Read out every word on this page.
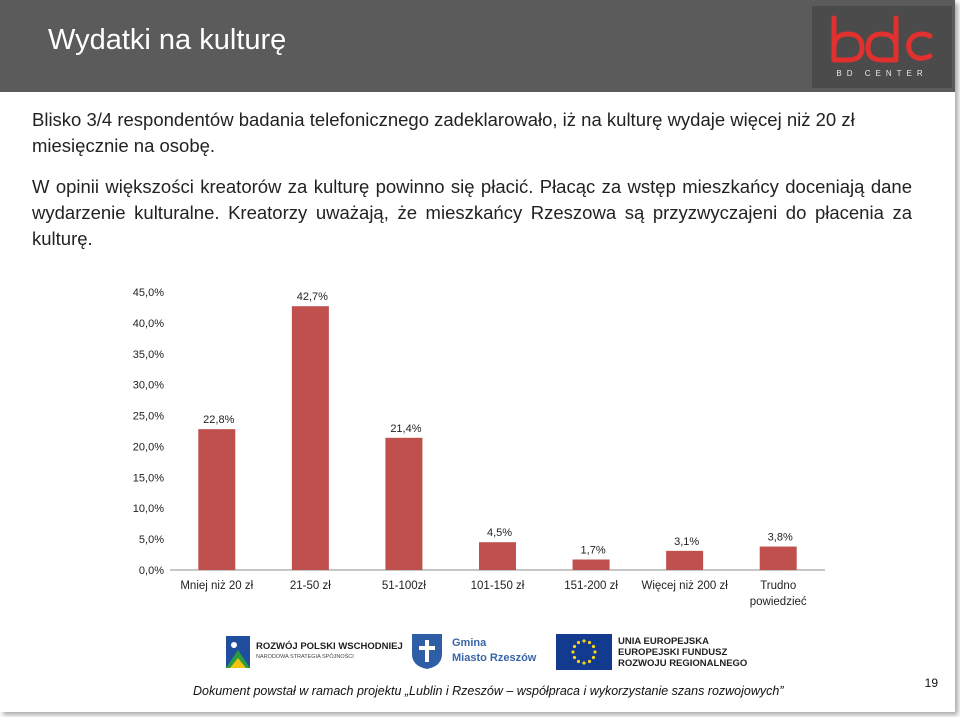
Wydatki na kulturę
BD CENTER
Blisko 3/4 respondentów badania telefonicznego zadeklarowało, iż na kulturę wydaje więcej niż 20 zł miesięcznie na osobę.
W opinii większości kreatorów za kulturę powinno się płacić. Płacąc za wstęp mieszkańcy doceniają dane wydarzenie kulturalne. Kreatorzy uważają, że mieszkańcy Rzeszowa są przyzwyczajeni do płacenia za kulturę.
0,0%
5,0%
10,0%
15,0%
20,0%
25,0%
30,0%
35,0%
40,0%
45,0%
22,8%
Mniej niż 20 zł
42,7%
21-50 zł
21,4%
51-100zł
4,5%
101-150 zł
1,7%
151-200 zł
3,1%
Więcej niż 200 zł
3,8%
Trudno
powiedzieć
ROZWÓJ POLSKI WSCHODNIEJ
NARODOWA STRATEGIA SPÓJNOŚCI
Gmina
Miasto Rzeszów
UNIA EUROPEJSKA
EUROPEJSKI FUNDUSZ
ROZWOJU REGIONALNEGO
Dokument powstał w ramach projektu „Lublin i Rzeszów – współpraca i wykorzystanie szans rozwojowych”
19
